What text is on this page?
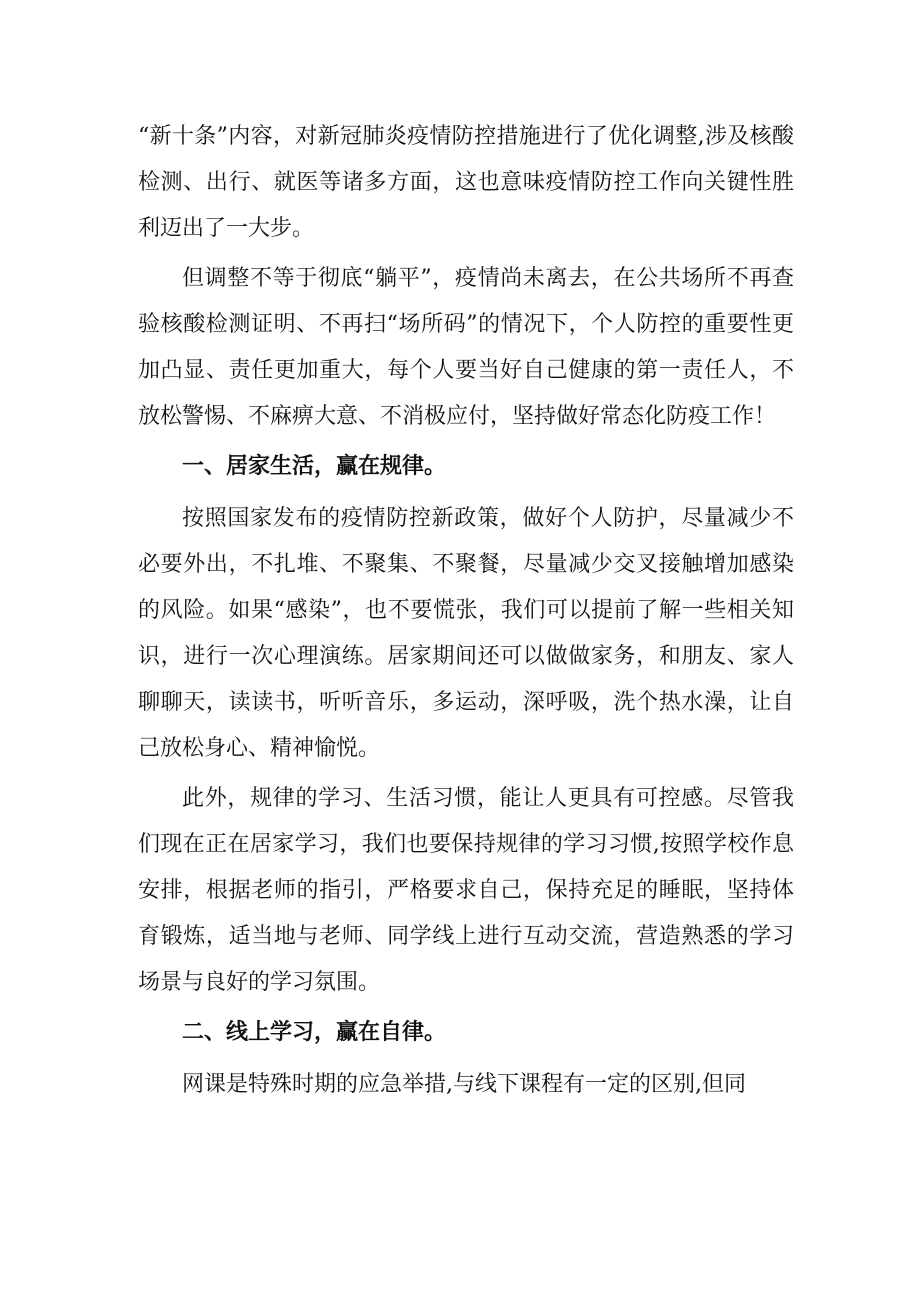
“新十条”内容，对新冠肺炎疫情防控措施进行了优化调整,涉及核酸检测、出行、就医等诸多方面，这也意味疫情防控工作向关键性胜利迈出了一大步。

但调整不等于彻底“躺平”，疫情尚未离去，在公共场所不再查验核酸检测证明、不再扫“场所码”的情况下，个人防控的重要性更加凸显、责任更加重大，每个人要当好自己健康的第一责任人，不放松警惕、不麻痹大意、不消极应付，坚持做好常态化防疫工作！

一、居家生活，赢在规律。

按照国家发布的疫情防控新政策，做好个人防护，尽量减少不必要外出，不扎堆、不聚集、不聚餐，尽量减少交叉接触增加感染的风险。如果“感染”，也不要慌张，我们可以提前了解一些相关知识，进行一次心理演练。居家期间还可以做做家务，和朋友、家人聊聊天，读读书，听听音乐，多运动，深呼吸，洗个热水澡，让自己放松身心、精神愉悦。

此外，规律的学习、生活习惯，能让人更具有可控感。尽管我们现在正在居家学习，我们也要保持规律的学习习惯,按照学校作息安排，根据老师的指引，严格要求自己，保持充足的睡眠，坚持体育锻炼，适当地与老师、同学线上进行互动交流，营造熟悉的学习场景与良好的学习氛围。

二、线上学习，赢在自律。

网课是特殊时期的应急举措,与线下课程有一定的区别,但同
